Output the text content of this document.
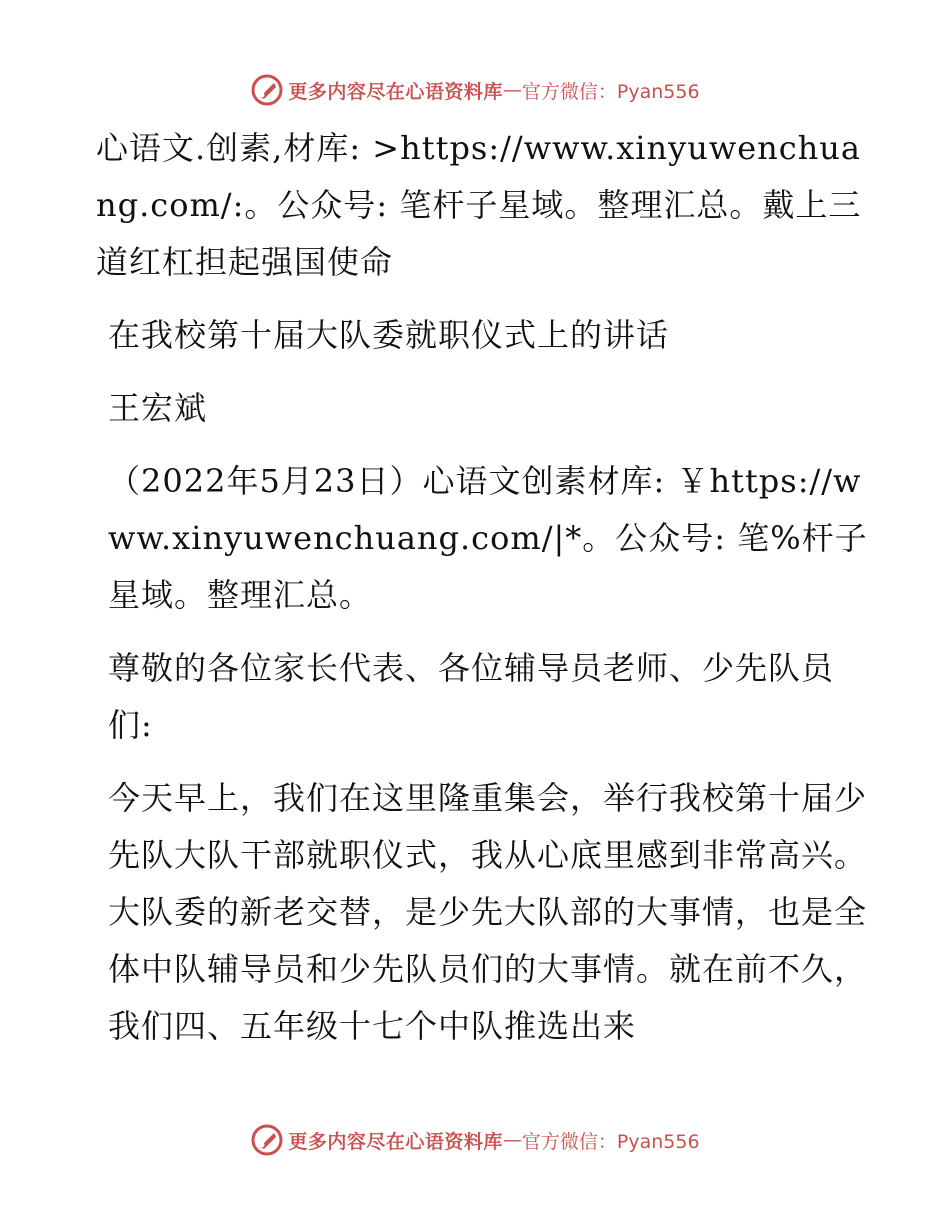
更多内容尽在心语资料库 — 官方微信：Pyan556

心语文.创素,材库: >https://www.xinyuwenchuang.com/:。公众号: 笔杆子星域。整理汇总。戴上三道红杠担起强国使命

在我校第十届大队委就职仪式上的讲话

王宏斌

（2022年5月23日）心语文创素材库: ￥https://www.xinyuwenchuang.com/|*。公众号: 笔%杆子星域。整理汇总。

尊敬的各位家长代表、各位辅导员老师、少先队员们:

今天早上，我们在这里隆重集会，举行我校第十届少先队大队干部就职仪式，我从心底里感到非常高兴。大队委的新老交替，是少先大队部的大事情，也是全体中队辅导员和少先队员们的大事情。就在前不久，我们四、五年级十七个中队推选出来

更多内容尽在心语资料库 — 官方微信：Pyan556
